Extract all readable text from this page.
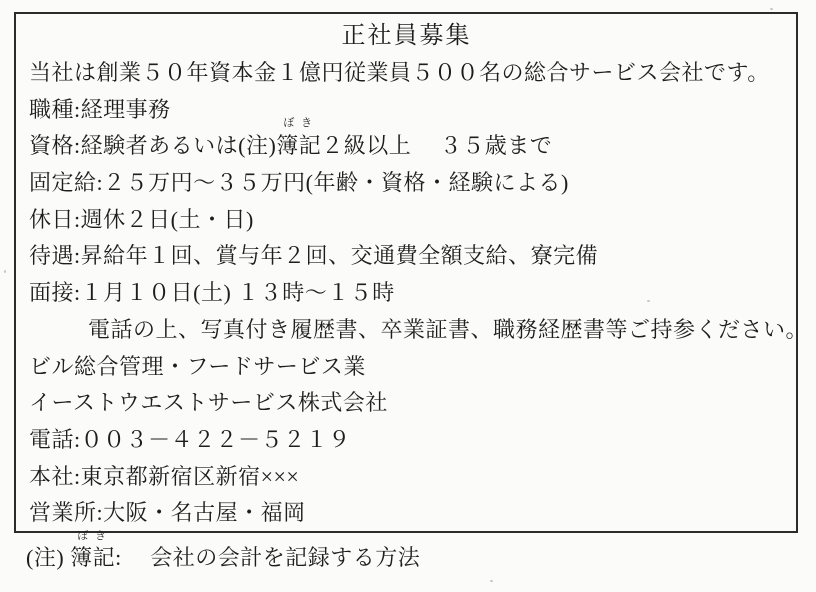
正社員募集
当社は創業５０年資本金１億円従業員５００名の総合サービス会社です。
職種:経理事務
資格:経験者あるいは(注)
ぼ き
簿記２級以上　 ３５歳まで
固定給:２５万円～３５万円(年齢・資格・経験による)
休日:週休２日(土・日)
待遇:昇給年１回、賞与年２回、交通費全額支給、寮完備
面接:１月１０日(土) １３時～１５時
電話の上、写真付き履歴書、卒業証書、職務経歴書等ご持参ください。
ビル総合管理・フードサービス業
イーストウエストサービス株式会社
電話:００３－４２２－５２１９
本社:東京都新宿区新宿×××
営業所:大阪・名古屋・福岡
(注)
ぼ き
簿記:　 会社の会計を記録する方法
